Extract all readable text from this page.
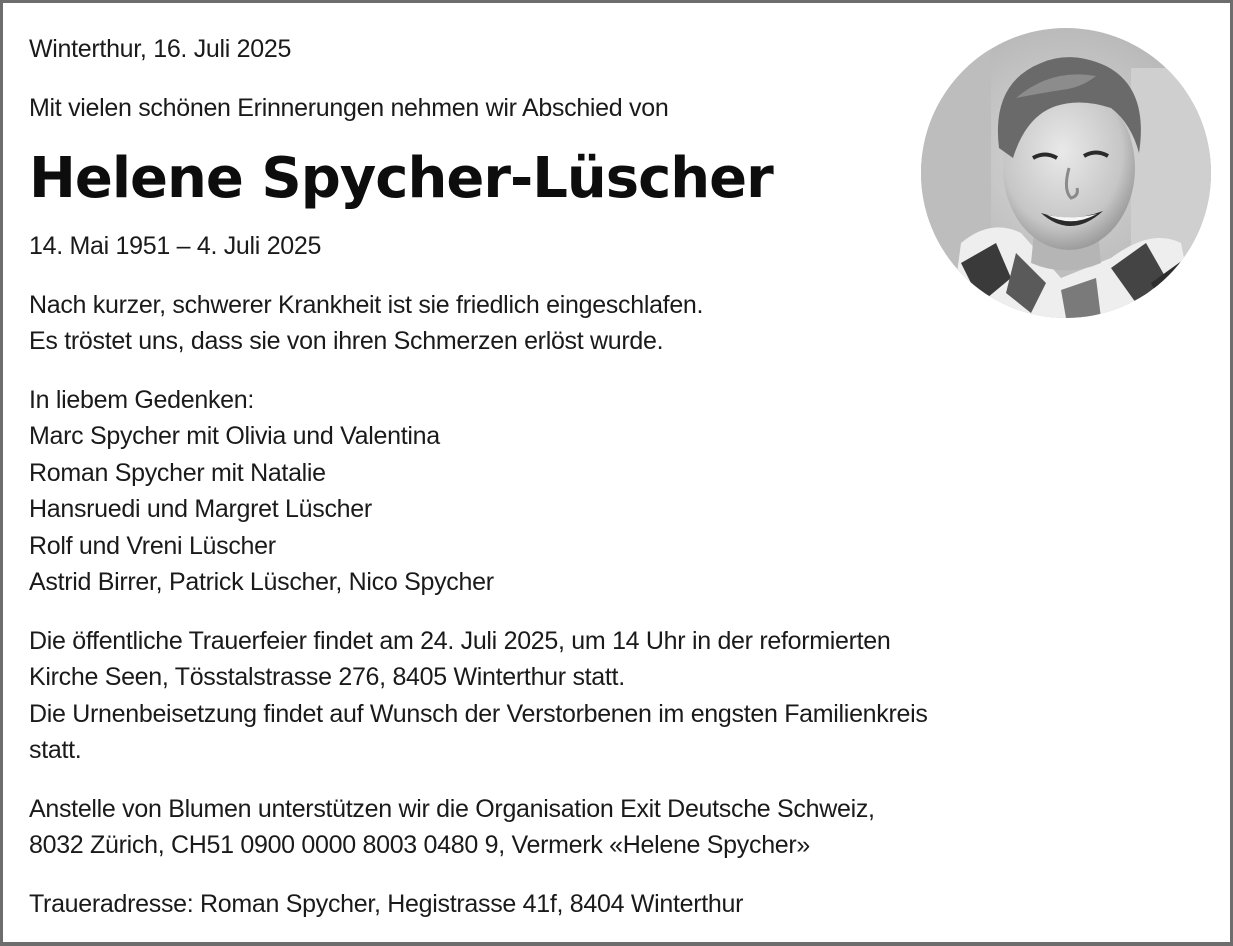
Winterthur, 16. Juli 2025
Mit vielen schönen Erinnerungen nehmen wir Abschied von
Helene Spycher-Lüscher
14. Mai 1951 – 4. Juli 2025
Nach kurzer, schwerer Krankheit ist sie friedlich eingeschlafen.
Es tröstet uns, dass sie von ihren Schmerzen erlöst wurde.
In liebem Gedenken:
Marc Spycher mit Olivia und Valentina
Roman Spycher mit Natalie
Hansruedi und Margret Lüscher
Rolf und Vreni Lüscher
Astrid Birrer, Patrick Lüscher, Nico Spycher
Die öffentliche Trauerfeier findet am 24. Juli 2025, um 14 Uhr in der reformierten
Kirche Seen, Tösstalstrasse 276, 8405 Winterthur statt.
Die Urnenbeisetzung findet auf Wunsch der Verstorbenen im engsten Familienkreis
statt.
Anstelle von Blumen unterstützen wir die Organisation Exit Deutsche Schweiz,
8032 Zürich, CH51 0900 0000 8003 0480 9, Vermerk «Helene Spycher»
Traueradresse: Roman Spycher, Hegistrasse 41f, 8404 Winterthur
